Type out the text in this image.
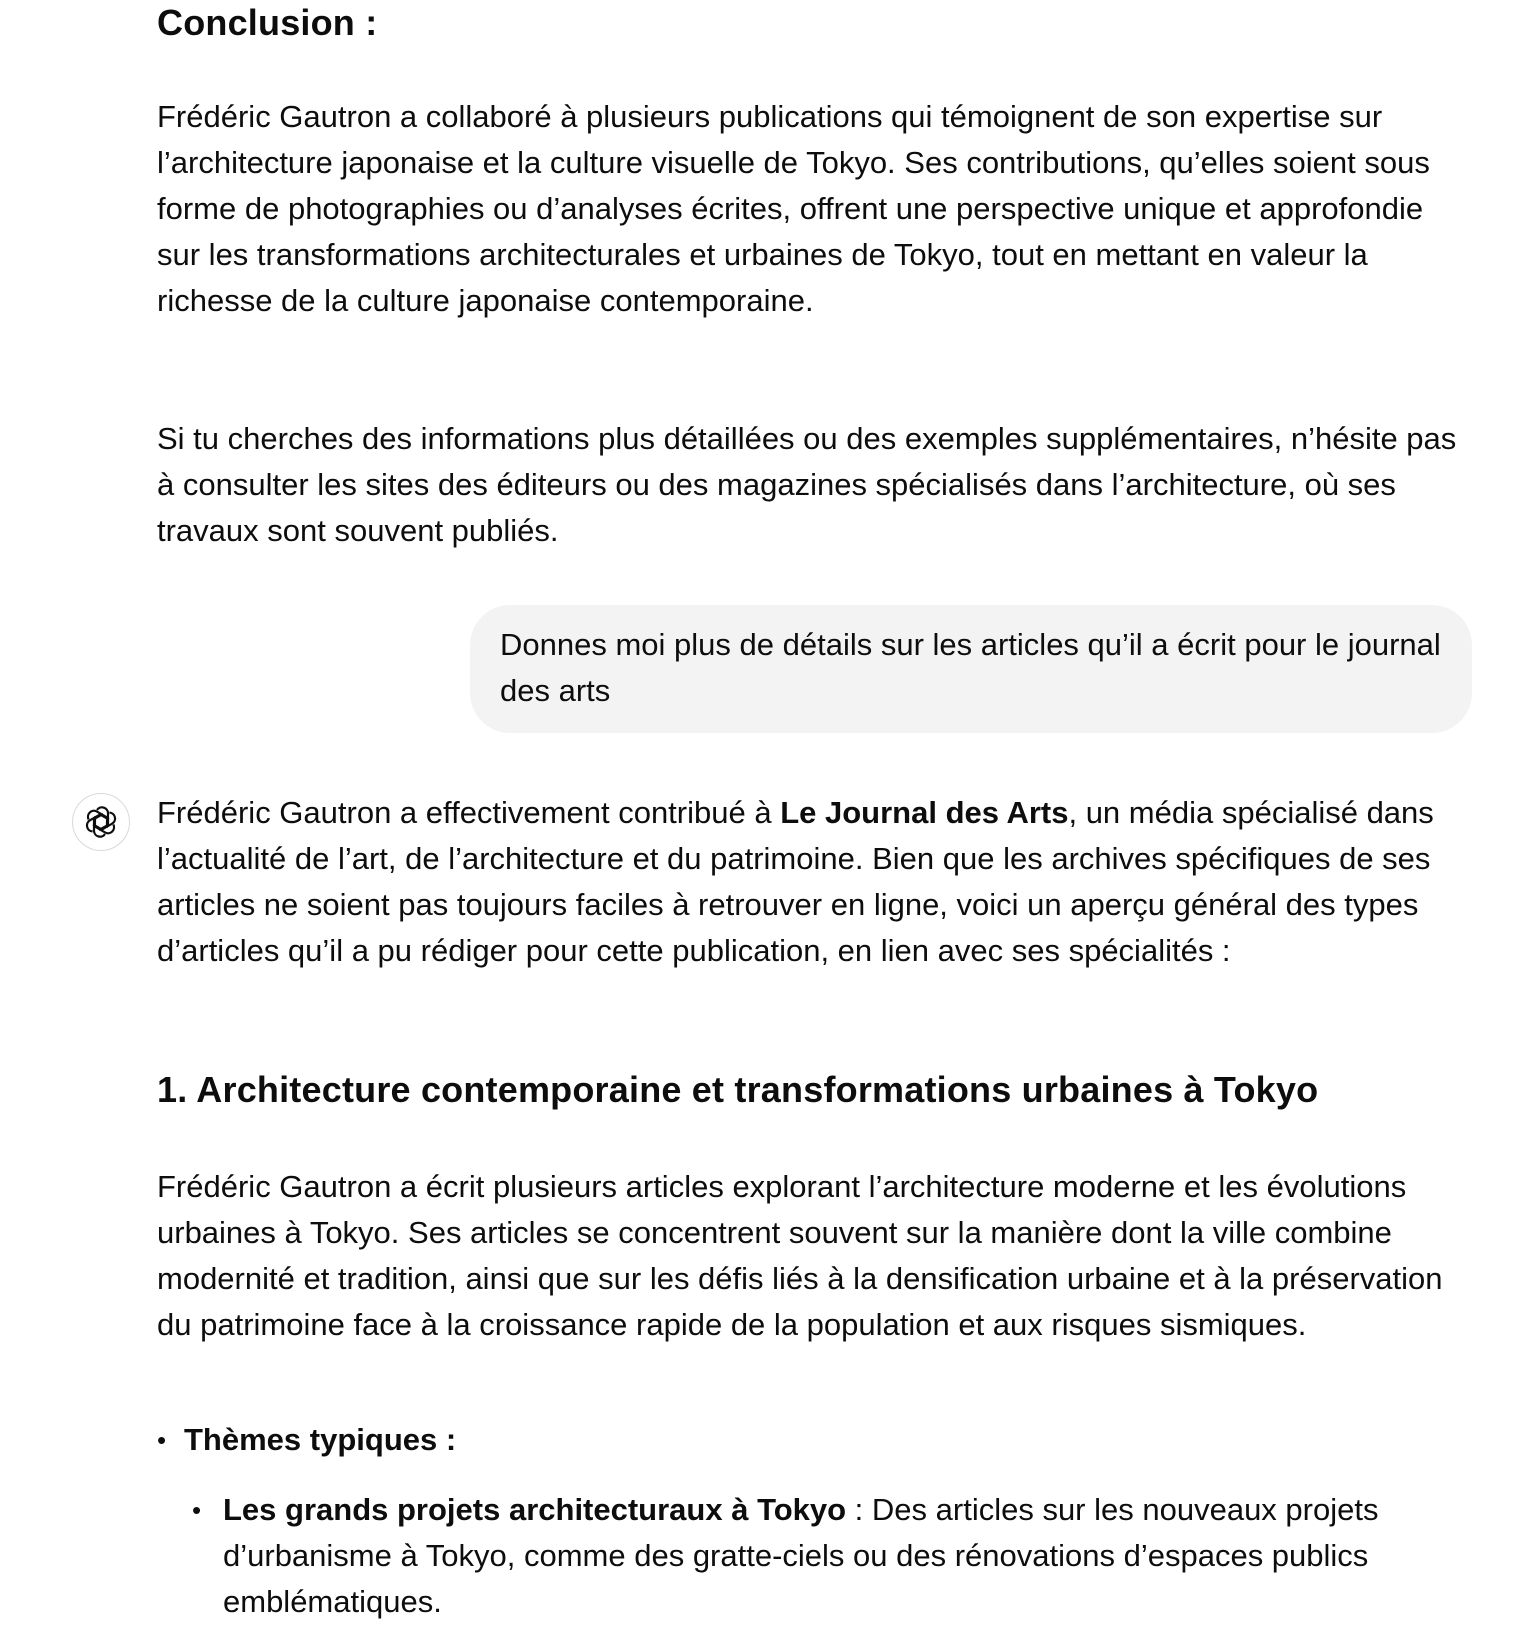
Conclusion :

Frédéric Gautron a collaboré à plusieurs publications qui témoignent de son expertise sur l’architecture japonaise et la culture visuelle de Tokyo. Ses contributions, qu’elles soient sous forme de photographies ou d’analyses écrites, offrent une perspective unique et approfondie sur les transformations architecturales et urbaines de Tokyo, tout en mettant en valeur la richesse de la culture japonaise contemporaine.

Si tu cherches des informations plus détaillées ou des exemples supplémentaires, n’hésite pas à consulter les sites des éditeurs ou des magazines spécialisés dans l’architecture, où ses travaux sont souvent publiés.

Donnes moi plus de détails sur les articles qu’il a écrit pour le journal des arts

Frédéric Gautron a effectivement contribué à Le Journal des Arts, un média spécialisé dans l’actualité de l’art, de l’architecture et du patrimoine. Bien que les archives spécifiques de ses articles ne soient pas toujours faciles à retrouver en ligne, voici un aperçu général des types d’articles qu’il a pu rédiger pour cette publication, en lien avec ses spécialités :

1. Architecture contemporaine et transformations urbaines à Tokyo

Frédéric Gautron a écrit plusieurs articles explorant l’architecture moderne et les évolutions urbaines à Tokyo. Ses articles se concentrent souvent sur la manière dont la ville combine modernité et tradition, ainsi que sur les défis liés à la densification urbaine et à la préservation du patrimoine face à la croissance rapide de la population et aux risques sismiques.

• Thèmes typiques :
• Les grands projets architecturaux à Tokyo : Des articles sur les nouveaux projets d’urbanisme à Tokyo, comme des gratte-ciels ou des rénovations d’espaces publics emblématiques.
